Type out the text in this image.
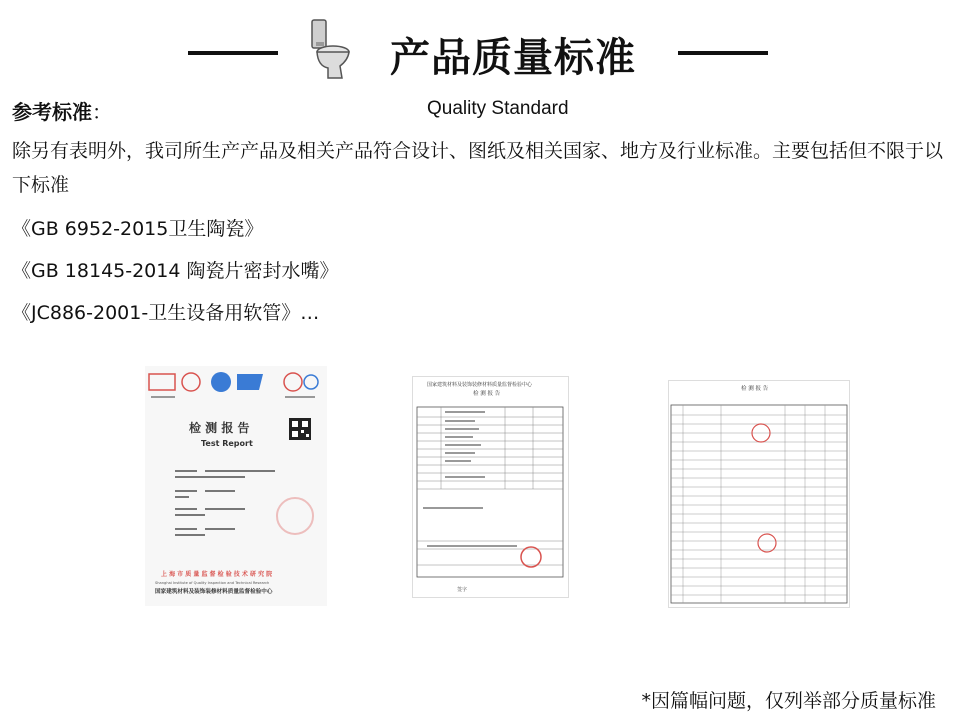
产品质量标准
参考标准：	Quality Standard
除另有表明外，我司所生产产品及相关产品符合设计、图纸及相关国家、地方及行业标准。主要包括但不限于以下标准
《GB 6952-2015卫生陶瓷》
《GB 18145-2014 陶瓷片密封水嘴》
《JC886-2001-卫生设备用软管》…
检 测 报 告
Test Report
上 海 市 质 量 监 督 检 验 技 术 研 究 院
Shanghai Institute of Quality Inspection and Technical Research
国家建筑材料及装饰装修材料质量监督检验中心
国家建筑材料及装饰装修材料质量监督检验中心
检 测 报 告
签字
检 测 报 告
*因篇幅问题，仅列举部分质量标准
